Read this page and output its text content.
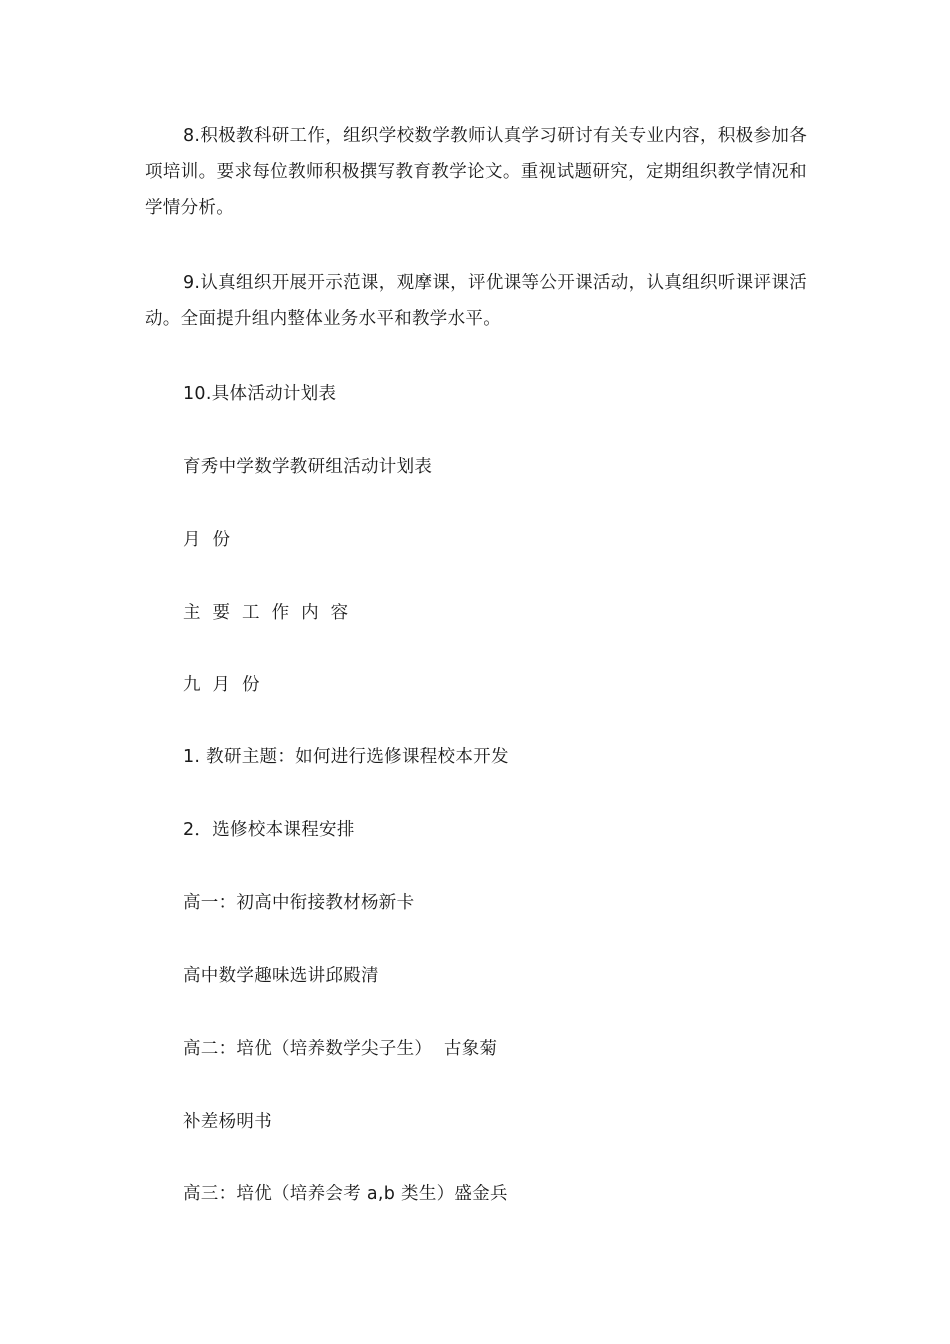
8.积极教科研工作，组织学校数学教师认真学习研讨有关专业内容，积极参加各项培训。要求每位教师积极撰写教育教学论文。重视试题研究，定期组织教学情况和学情分析。
9.认真组织开展开示范课，观摩课，评优课等公开课活动，认真组织听课评课活动。全面提升组内整体业务水平和教学水平。
10.具体活动计划表
育秀中学数学教研组活动计划表
月  份
主  要  工  作  内  容
九  月  份
1. 教研主题：如何进行选修课程校本开发
2．选修校本课程安排
高一：初高中衔接教材杨新卡
高中数学趣味选讲邱殿清
高二：培优（培养数学尖子生）  古象菊
补差杨明书
高三：培优（培养会考 a,b 类生）盛金兵
